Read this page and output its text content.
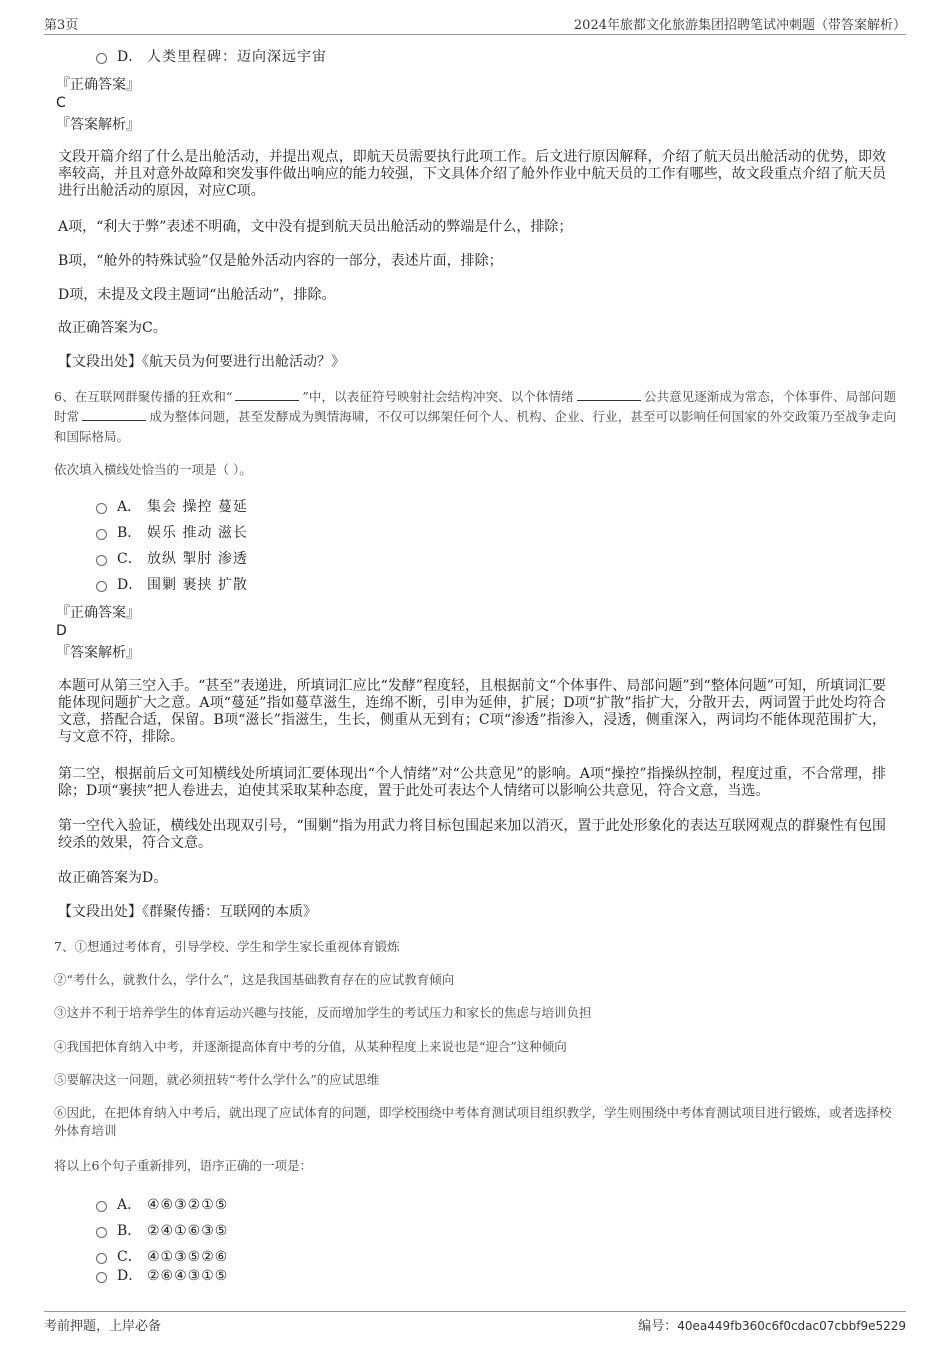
第3页	2024年旅都文化旅游集团招聘笔试冲刺题（带答案解析）
D． 人类里程碑：迈向深远宇宙
『正确答案』
C
『答案解析』
文段开篇介绍了什么是出舱活动，并提出观点，即航天员需要执行此项工作。后文进行原因解释，介绍了航天员出舱活动的优势，即效率较高，并且对意外故障和突发事件做出响应的能力较强，下文具体介绍了舱外作业中航天员的工作有哪些，故文段重点介绍了航天员进行出舱活动的原因，对应C项。
A项，“利大于弊”表述不明确，文中没有提到航天员出舱活动的弊端是什么，排除；
B项，“舱外的特殊试验”仅是舱外活动内容的一部分，表述片面，排除；
D项，未提及文段主题词“出舱活动”，排除。
故正确答案为C。
【文段出处】《航天员为何要进行出舱活动？》
6、在互联网群聚传播的狂欢和“	”中，以表征符号映射社会结构冲突、以个体情绪	公共意见逐渐成为常态，个体事件、局部问题时常	成为整体问题，甚至发酵成为舆情海啸，不仅可以绑架任何个人、机构、企业、行业，甚至可以影响任何国家的外交政策乃至战争走向和国际格局。
依次填入横线处恰当的一项是（ ）。
A． 集会 操控 蔓延
B． 娱乐 推动 滋长
C． 放纵 掣肘 渗透
D． 围剿 裹挟 扩散
『正确答案』
D
『答案解析』
本题可从第三空入手。“甚至”表递进，所填词汇应比“发酵”程度轻，且根据前文“个体事件、局部问题”到“整体问题”可知，所填词汇要能体现问题扩大之意。A项“蔓延”指如蔓草滋生，连绵不断，引申为延伸，扩展；D项“扩散”指扩大，分散开去，两词置于此处均符合文意，搭配合适，保留。B项“滋长”指滋生，生长，侧重从无到有；C项“渗透”指渗入，浸透，侧重深入，两词均不能体现范围扩大，与文意不符，排除。
第二空，根据前后文可知横线处所填词汇要体现出“个人情绪”对“公共意见”的影响。A项“操控”指操纵控制，程度过重，不合常理，排除；D项“裹挟”把人卷进去，迫使其采取某种态度，置于此处可表达个人情绪可以影响公共意见，符合文意，当选。
第一空代入验证，横线处出现双引号，“围剿”指为用武力将目标包围起来加以消灭，置于此处形象化的表达互联网观点的群聚性有包围绞杀的效果，符合文意。
故正确答案为D。
【文段出处】《群聚传播：互联网的本质》
7、①想通过考体育，引导学校、学生和学生家长重视体育锻炼
②“考什么，就教什么，学什么”，这是我国基础教育存在的应试教育倾向
③这并不利于培养学生的体育运动兴趣与技能，反而增加学生的考试压力和家长的焦虑与培训负担
④我国把体育纳入中考，并逐渐提高体育中考的分值，从某种程度上来说也是“迎合”这种倾向
⑤要解决这一问题，就必须扭转“考什么学什么”的应试思维
⑥因此，在把体育纳入中考后，就出现了应试体育的问题，即学校围绕中考体育测试项目组织教学，学生则围绕中考体育测试项目进行锻炼，或者选择校外体育培训
将以上6个句子重新排列，语序正确的一项是：
A． ④⑥③②①⑤
B． ②④①⑥③⑤
C． ④①③⑤②⑥
D． ②⑥④③①⑤
考前押题，上岸必备	编号：40ea449fb360c6f0cdac07cbbf9e5229
